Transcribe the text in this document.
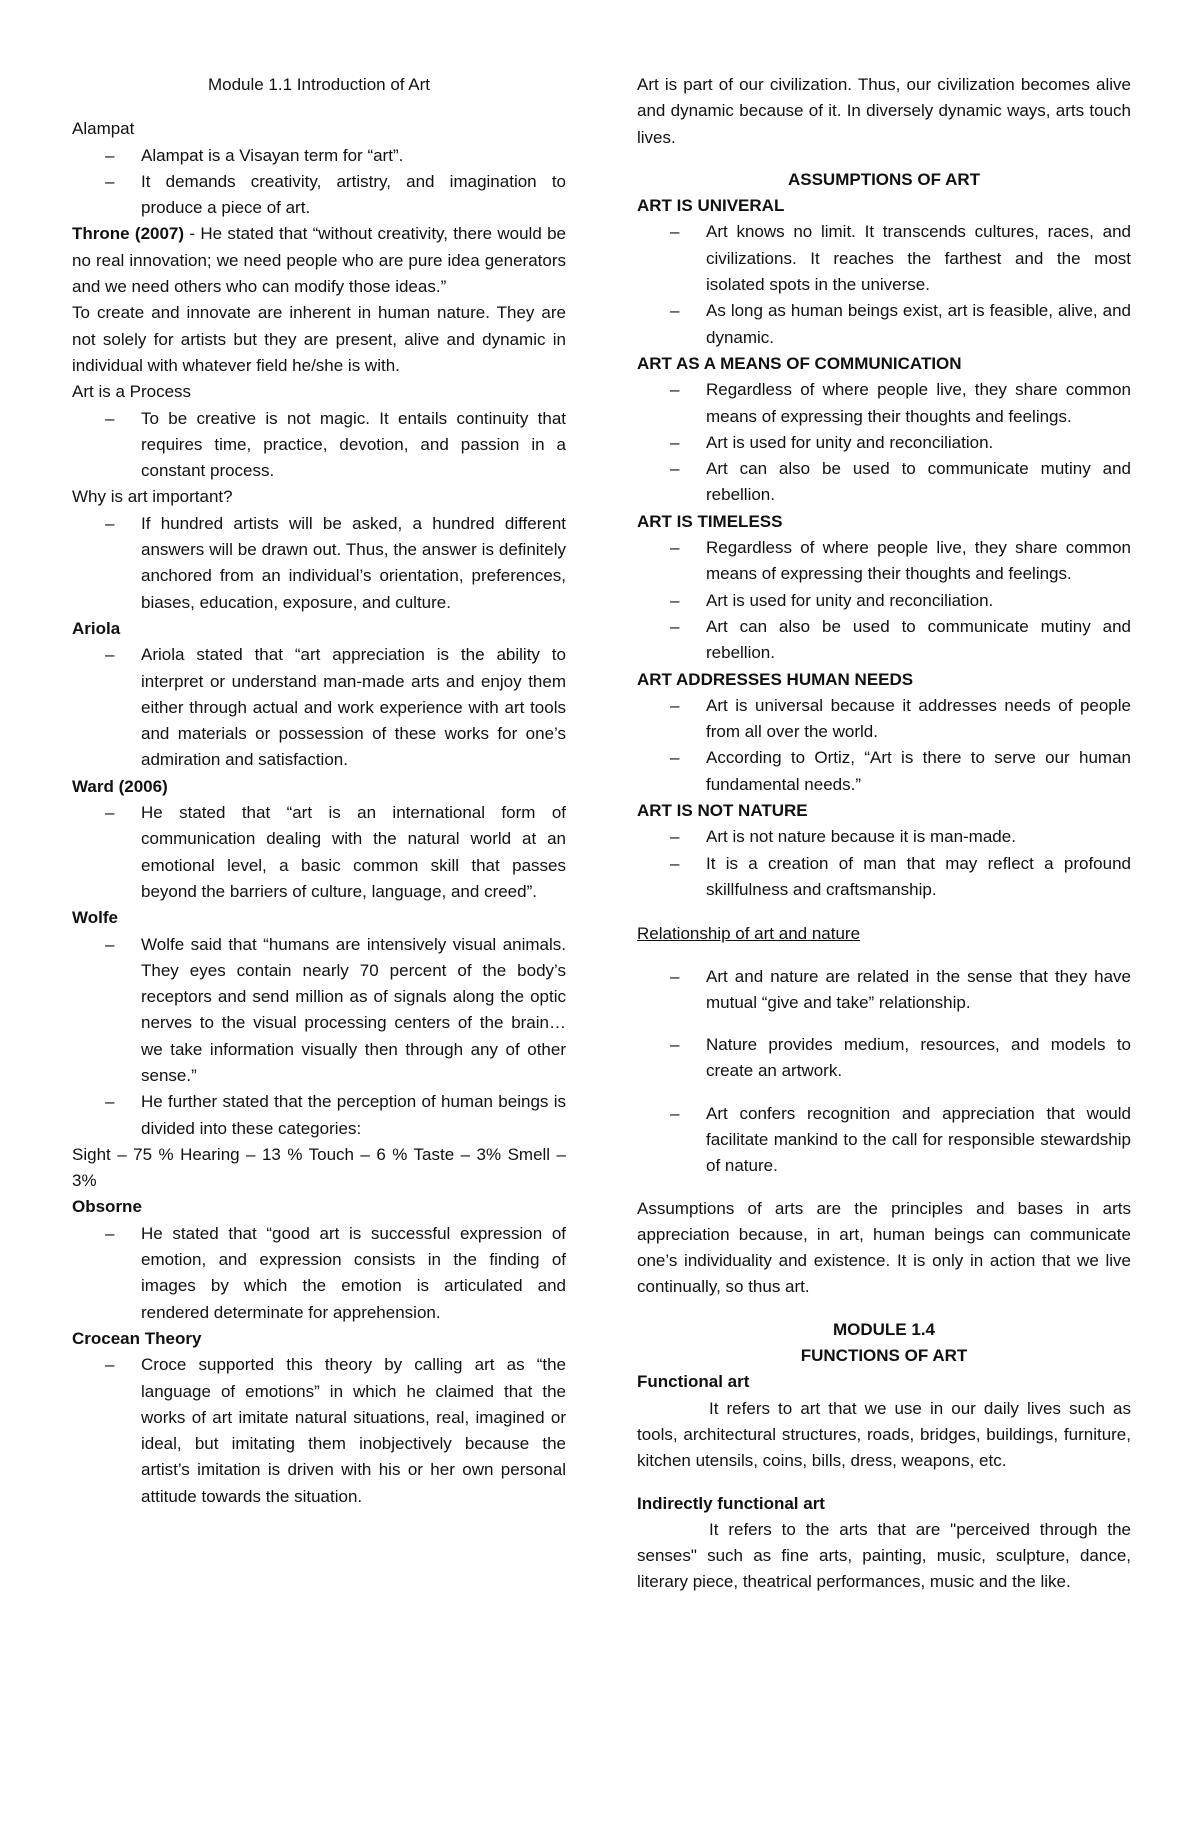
Module 1.1 Introduction of Art

Alampat

– Alampat is a Visayan term for “art”.
– It demands creativity, artistry, and imagination to produce a piece of art.

Throne (2007) - He stated that “without creativity, there would be no real innovation; we need people who are pure idea generators and we need others who can modify those ideas.”

To create and innovate are inherent in human nature. They are not solely for artists but they are present, alive and dynamic in individual with whatever field he/she is with.

Art is a Process

– To be creative is not magic. It entails continuity that requires time, practice, devotion, and passion in a constant process.

Why is art important?

– If hundred artists will be asked, a hundred different answers will be drawn out. Thus, the answer is definitely anchored from an individual’s orientation, preferences, biases, education, exposure, and culture.

Ariola

– Ariola stated that “art appreciation is the ability to interpret or understand man-made arts and enjoy them either through actual and work experience with art tools and materials or possession of these works for one’s admiration and satisfaction.

Ward (2006)

– He stated that “art is an international form of communication dealing with the natural world at an emotional level, a basic common skill that passes beyond the barriers of culture, language, and creed”.

Wolfe

– Wolfe said that “humans are intensively visual animals. They eyes contain nearly 70 percent of the body’s receptors and send million as of signals along the optic nerves to the visual processing centers of the brain… we take information visually then through any of other sense.”
– He further stated that the perception of human beings is divided into these categories:

Sight – 75 % Hearing – 13 % Touch – 6 % Taste – 3% Smell – 3%

Obsorne

– He stated that “good art is successful expression of emotion, and expression consists in the finding of images by which the emotion is articulated and rendered determinate for apprehension.

Crocean Theory

– Croce supported this theory by calling art as “the language of emotions” in which he claimed that the works of art imitate natural situations, real, imagined or ideal, but imitating them inobjectively because the artist’s imitation is driven with his or her own personal attitude towards the situation.

Art is part of our civilization. Thus, our civilization becomes alive and dynamic because of it. In diversely dynamic ways, arts touch lives.

ASSUMPTIONS OF ART

ART IS UNIVERAL

– Art knows no limit. It transcends cultures, races, and civilizations. It reaches the farthest and the most isolated spots in the universe.
– As long as human beings exist, art is feasible, alive, and dynamic.

ART AS A MEANS OF COMMUNICATION

– Regardless of where people live, they share common means of expressing their thoughts and feelings.
– Art is used for unity and reconciliation.
– Art can also be used to communicate mutiny and rebellion.

ART IS TIMELESS

– Regardless of where people live, they share common means of expressing their thoughts and feelings.
– Art is used for unity and reconciliation.
– Art can also be used to communicate mutiny and rebellion.

ART ADDRESSES HUMAN NEEDS

– Art is universal because it addresses needs of people from all over the world.
– According to Ortiz, “Art is there to serve our human fundamental needs.”

ART IS NOT NATURE

– Art is not nature because it is man-made.
– It is a creation of man that may reflect a profound skillfulness and craftsmanship.

Relationship of art and nature

– Art and nature are related in the sense that they have mutual “give and take” relationship.
– Nature provides medium, resources, and models to create an artwork.
– Art confers recognition and appreciation that would facilitate mankind to the call for responsible stewardship of nature.

Assumptions of arts are the principles and bases in arts appreciation because, in art, human beings can communicate one’s individuality and existence. It is only in action that we live continually, so thus art.

MODULE 1.4

FUNCTIONS OF ART

Functional art

It refers to art that we use in our daily lives such as tools, architectural structures, roads, bridges, buildings, furniture, kitchen utensils, coins, bills, dress, weapons, etc.

Indirectly functional art

It refers to the arts that are "perceived through the senses" such as fine arts, painting, music, sculpture, dance, literary piece, theatrical performances, music and the like.
